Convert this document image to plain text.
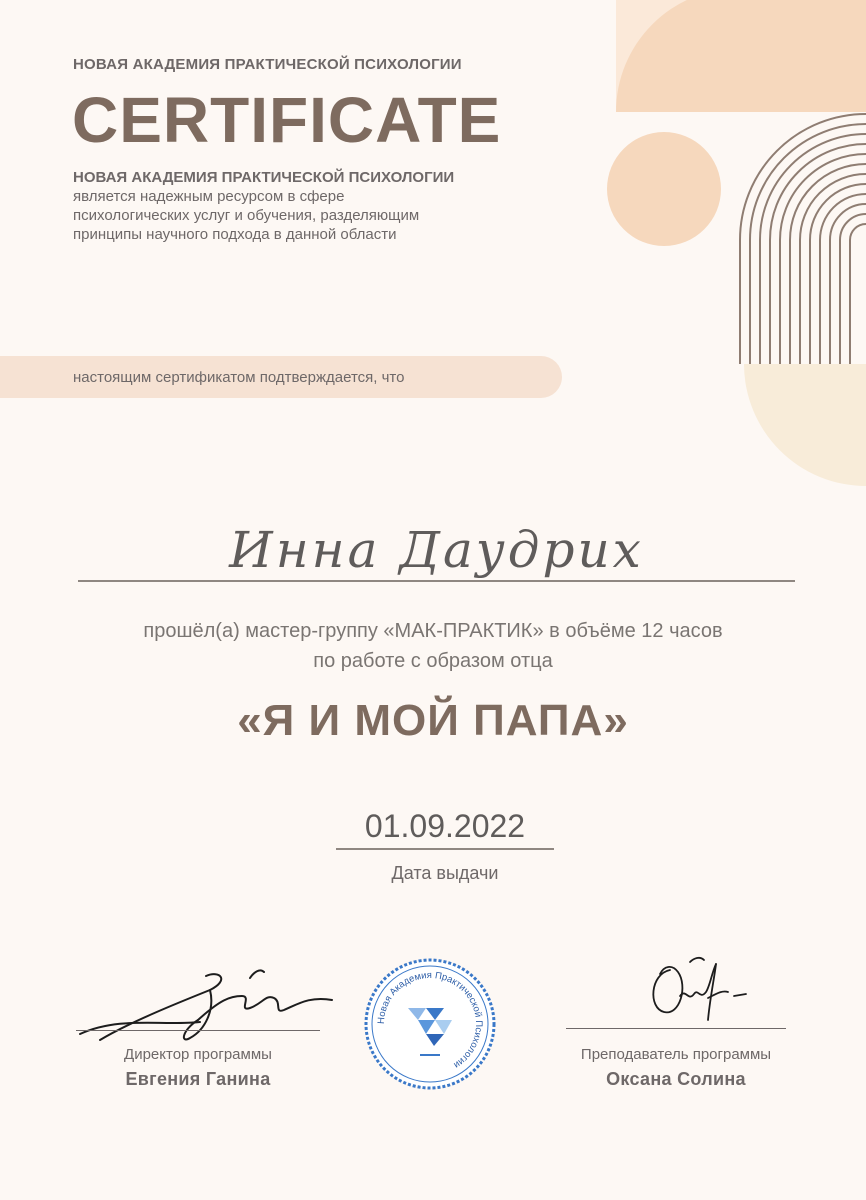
НОВАЯ АКАДЕМИЯ ПРАКТИЧЕСКОЙ ПСИХОЛОГИИ
CERTIFICATE
НОВАЯ АКАДЕМИЯ ПРАКТИЧЕСКОЙ ПСИХОЛОГИИ
является надежным ресурсом в сфере
психологических услуг и обучения, разделяющим
принципы научного подхода в данной области
настоящим сертификатом подтверждается, что
Инна Даудрих
прошёл(а) мастер-группу «МАК-ПРАКТИК» в объёме 12 часов
по работе с образом отца
«Я И МОЙ ПАПА»
01.09.2022
Дата выдачи
Директор программы
Евгения Ганина
Новая Академия Практической Психологии
Преподаватель программы
Оксана Солина
